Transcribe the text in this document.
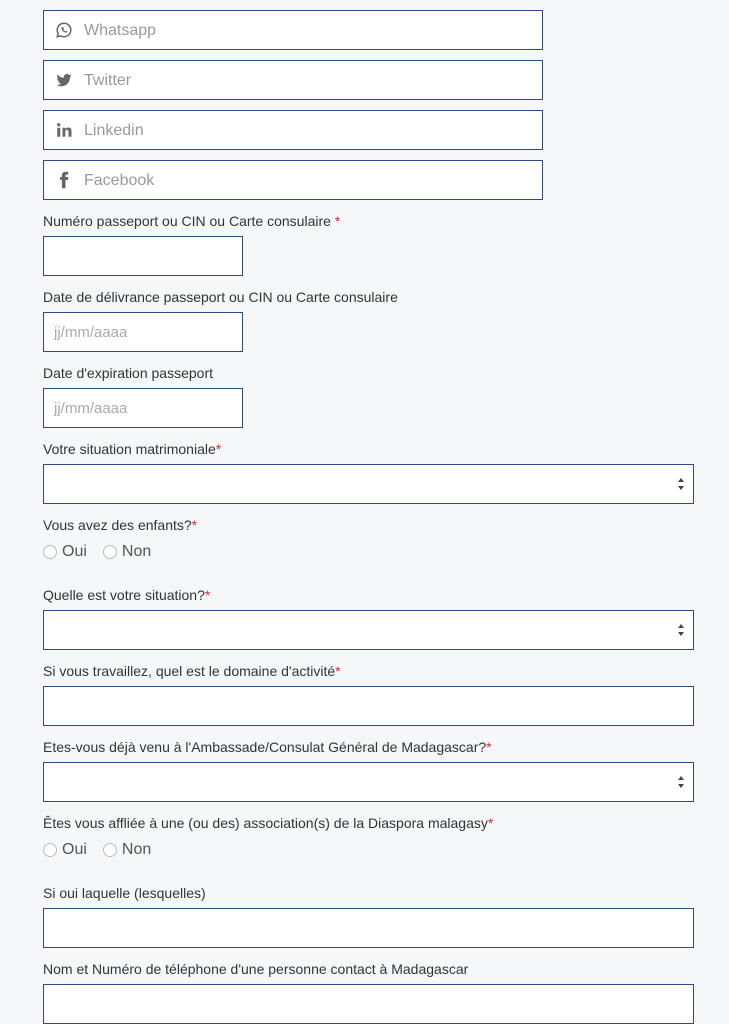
Whatsapp
Twitter
Linkedin
Facebook
Numéro passeport ou CIN ou Carte consulaire *
Date de délivrance passeport ou CIN ou Carte consulaire
jj/mm/aaaa
Date d'expiration passeport
jj/mm/aaaa
Votre situation matrimoniale*
Vous avez des enfants?*
Oui Non
Quelle est votre situation?*
Si vous travaillez, quel est le domaine d'activité*
Etes-vous déjà venu à l'Ambassade/Consulat Général de Madagascar?*
Êtes vous affliée à une (ou des) association(s) de la Diaspora malagasy*
Oui Non
Si oui laquelle (lesquelles)
Nom et Numéro de téléphone d'une personne contact à Madagascar
